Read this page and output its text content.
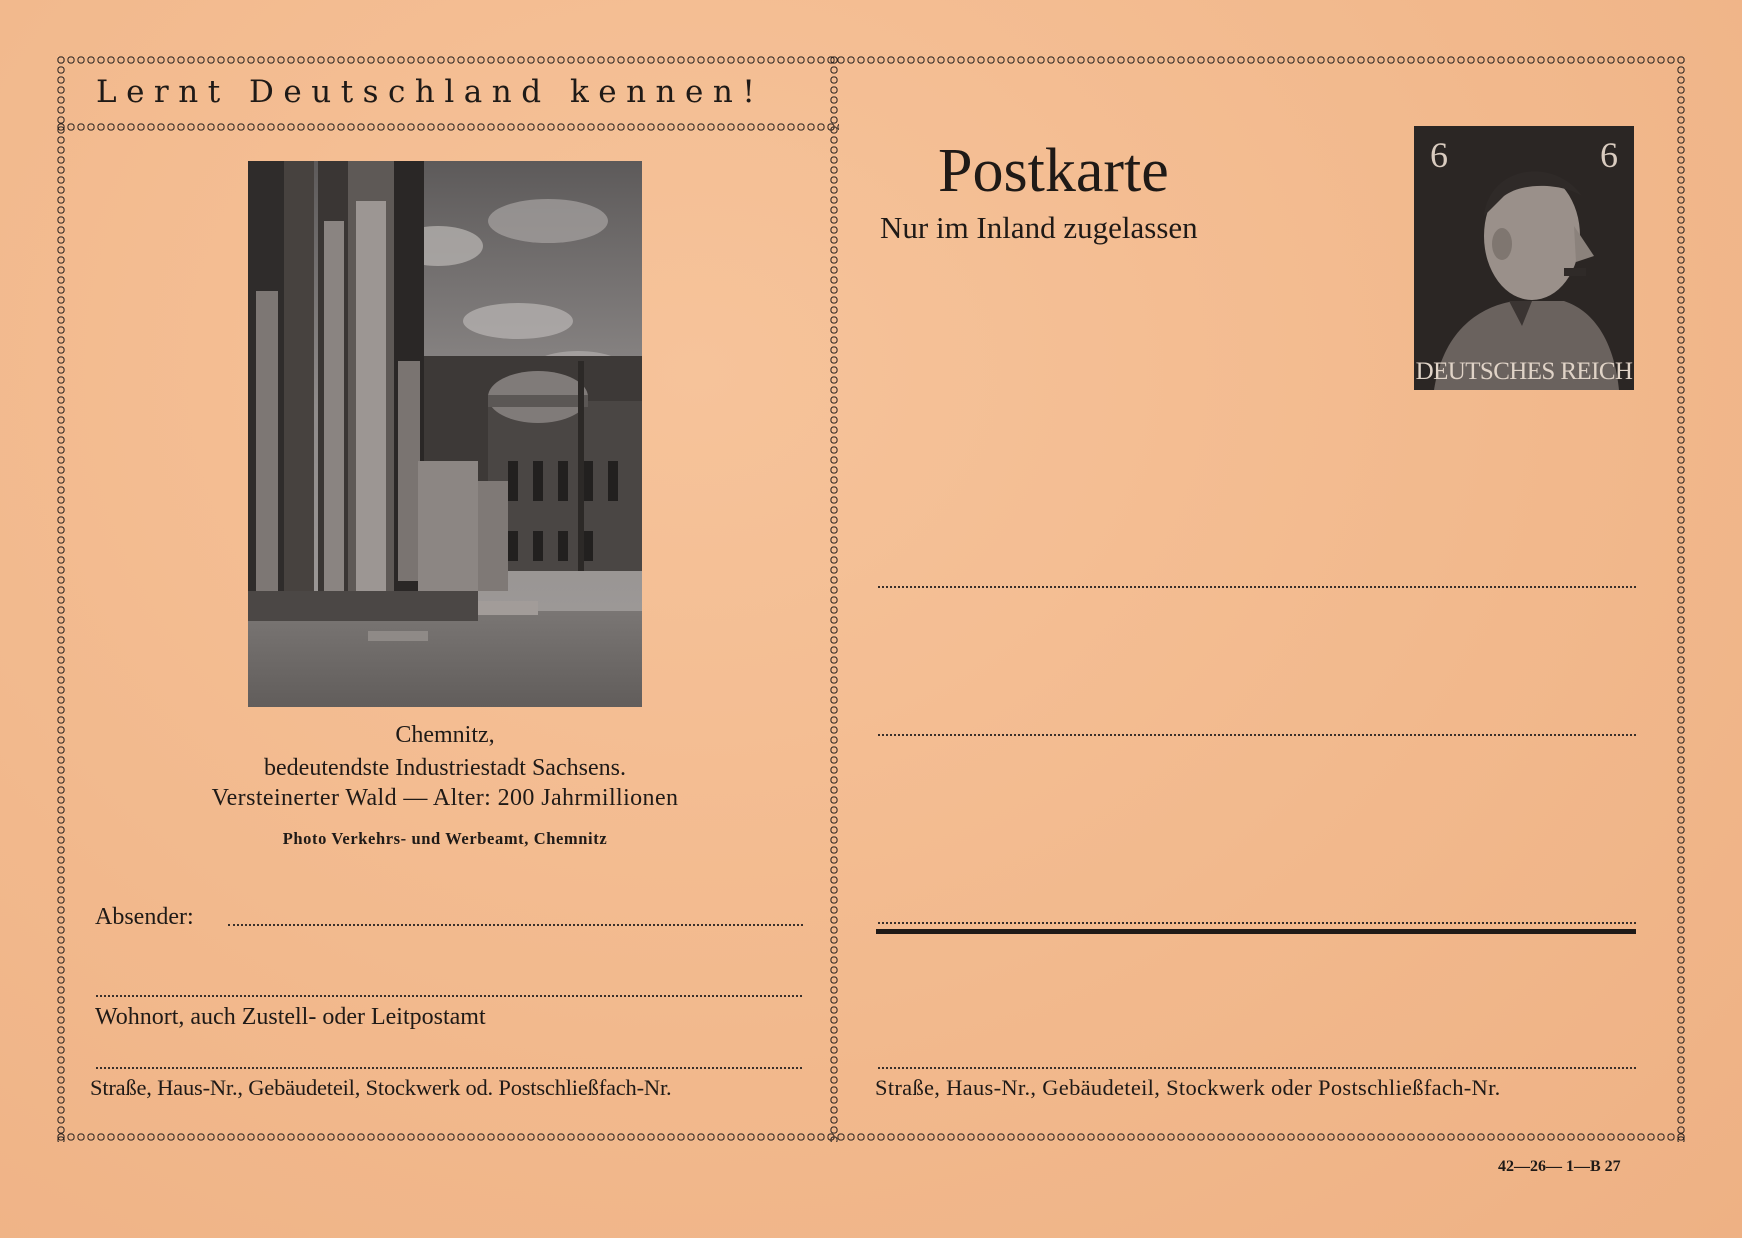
Lernt Deutschland kennen!
Chemnitz,
bedeutendste Industriestadt Sachsens.
Versteinerter Wald — Alter: 200 Jahrmillionen
Photo Verkehrs- und Werbeamt, Chemnitz
Absender:
Wohnort, auch Zustell- oder Leitpostamt
Straße, Haus-Nr., Gebäudeteil, Stockwerk od. Postschließfach-Nr.
Postkarte
Nur im Inland zugelassen
6	6
DEUTSCHES REICH
Straße, Haus-Nr., Gebäudeteil, Stockwerk oder Postschließfach-Nr.
42—26— 1—B 27
